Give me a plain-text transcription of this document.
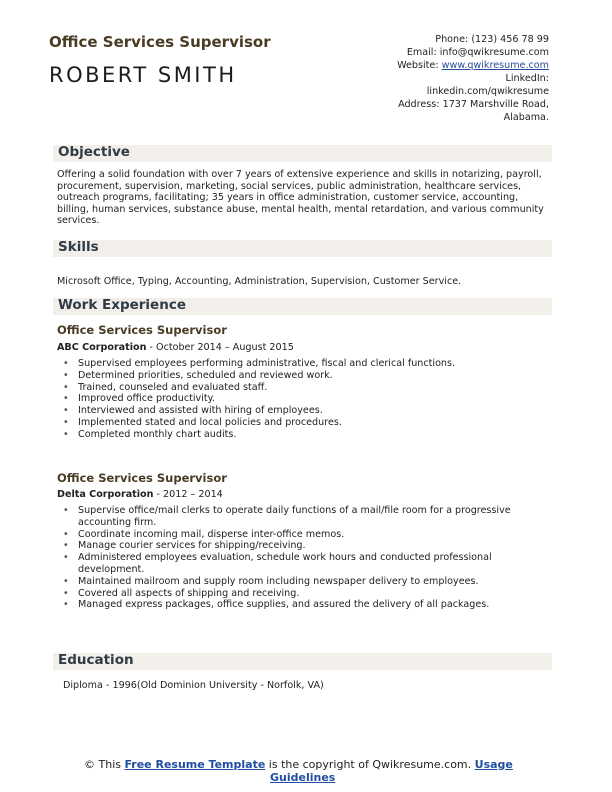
Office Services Supervisor
ROBERT SMITH
Phone: (123) 456 78 99
Email: info@qwikresume.com
Website: www.qwikresume.com
LinkedIn:
linkedin.com/qwikresume
Address: 1737 Marshville Road,
Alabama.
Objective
Offering a solid foundation with over 7 years of extensive experience and skills in notarizing, payroll, procurement, supervision, marketing, social services, public administration, healthcare services, outreach programs, facilitating; 35 years in office administration, customer service, accounting, billing, human services, substance abuse, mental health, mental retardation, and various community services.
Skills
Microsoft Office, Typing, Accounting, Administration, Supervision, Customer Service.
Work Experience
Office Services Supervisor
ABC Corporation - October 2014 – August 2015
• Supervised employees performing administrative, fiscal and clerical functions.
• Determined priorities, scheduled and reviewed work.
• Trained, counseled and evaluated staff.
• Improved office productivity.
• Interviewed and assisted with hiring of employees.
• Implemented stated and local policies and procedures.
• Completed monthly chart audits.
Office Services Supervisor
Delta Corporation - 2012 – 2014
• Supervise office/mail clerks to operate daily functions of a mail/file room for a progressive accounting firm.
• Coordinate incoming mail, disperse inter-office memos.
• Manage courier services for shipping/receiving.
• Administered employees evaluation, schedule work hours and conducted professional development.
• Maintained mailroom and supply room including newspaper delivery to employees.
• Covered all aspects of shipping and receiving.
• Managed express packages, office supplies, and assured the delivery of all packages.
Education
Diploma - 1996(Old Dominion University - Norfolk, VA)
© This Free Resume Template is the copyright of Qwikresume.com. Usage
Guidelines
